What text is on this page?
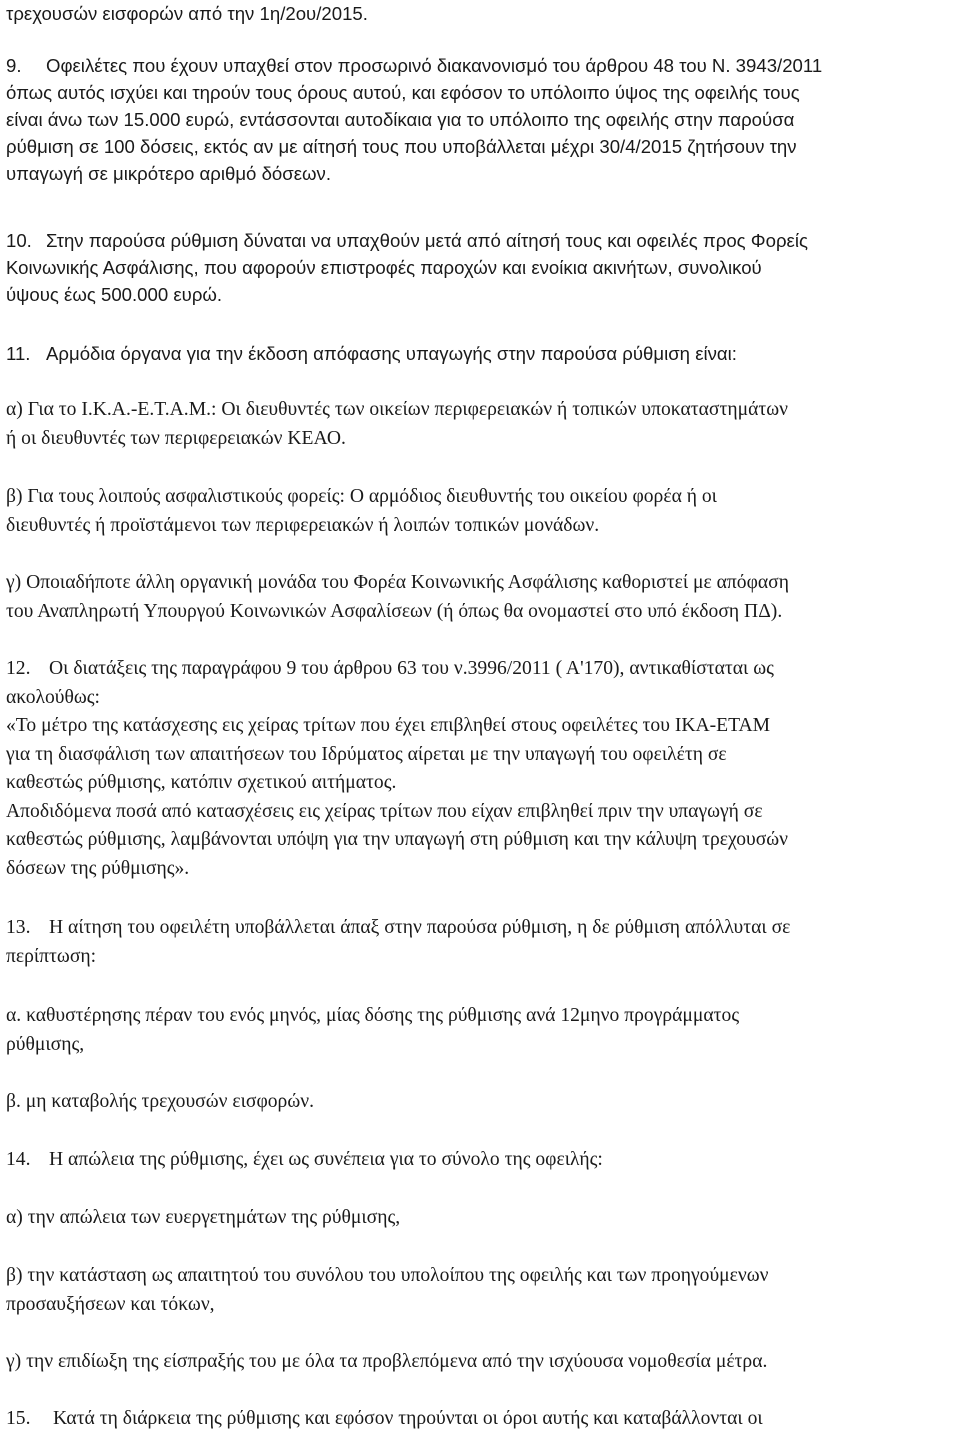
τρεχουσών εισφορών από την 1η/2ου/2015.
9. Οφειλέτες που έχουν υπαχθεί στον προσωρινό διακανονισμό του άρθρου 48 του Ν. 3943/2011
όπως αυτός ισχύει και τηρούν τους όρους αυτού, και εφόσον το υπόλοιπο ύψος της οφειλής τους
είναι άνω των 15.000 ευρώ, εντάσσονται αυτοδίκαια για το υπόλοιπο της οφειλής στην παρούσα
ρύθμιση σε 100 δόσεις, εκτός αν με αίτησή τους που υποβάλλεται μέχρι 30/4/2015 ζητήσουν την
υπαγωγή σε μικρότερο αριθμό δόσεων.
10. Στην παρούσα ρύθμιση δύναται να υπαχθούν μετά από αίτησή τους και οφειλές προς Φορείς
Κοινωνικής Ασφάλισης, που αφορούν επιστροφές παροχών και ενοίκια ακινήτων, συνολικού
ύψους έως 500.000 ευρώ.
11. Αρμόδια όργανα για την έκδοση απόφασης υπαγωγής στην παρούσα ρύθμιση είναι:
α) Για το Ι.Κ.Α.-Ε.Τ.Α.Μ.: Οι διευθυντές των οικείων περιφερειακών ή τοπικών υποκαταστημάτων
ή οι διευθυντές των περιφερειακών ΚΕΑΟ.
β) Για τους λοιπούς ασφαλιστικούς φορείς: Ο αρμόδιος διευθυντής του οικείου φορέα ή οι
διευθυντές ή προϊστάμενοι των περιφερειακών ή λοιπών τοπικών μονάδων.
γ) Οποιαδήποτε άλλη οργανική μονάδα του Φορέα Κοινωνικής Ασφάλισης καθοριστεί με απόφαση
του Αναπληρωτή Υπουργού Κοινωνικών Ασφαλίσεων (ή όπως θα ονομαστεί στο υπό έκδοση ΠΔ).
12. Οι διατάξεις της παραγράφου 9 του άρθρου 63 του ν.3996/2011 ( Α'170), αντικαθίσταται ως
ακολούθως:
«Το μέτρο της κατάσχεσης εις χείρας τρίτων που έχει επιβληθεί στους οφειλέτες του ΙΚΑ-ΕΤΑΜ
για τη διασφάλιση των απαιτήσεων του Ιδρύματος αίρεται με την υπαγωγή του οφειλέτη σε
καθεστώς ρύθμισης, κατόπιν σχετικού αιτήματος.
Αποδιδόμενα ποσά από κατασχέσεις εις χείρας τρίτων που είχαν επιβληθεί πριν την υπαγωγή σε
καθεστώς ρύθμισης, λαμβάνονται υπόψη για την υπαγωγή στη ρύθμιση και την κάλυψη τρεχουσών
δόσεων της ρύθμισης».
13. Η αίτηση του οφειλέτη υποβάλλεται άπαξ στην παρούσα ρύθμιση, η δε ρύθμιση απόλλυται σε
περίπτωση:
α. καθυστέρησης πέραν του ενός μηνός, μίας δόσης της ρύθμισης ανά 12μηνο προγράμματος
ρύθμισης,
β. μη καταβολής τρεχουσών εισφορών.
14. Η απώλεια της ρύθμισης, έχει ως συνέπεια για το σύνολο της οφειλής:
α) την απώλεια των ευεργετημάτων της ρύθμισης,
β) την κατάσταση ως απαιτητού του συνόλου του υπολοίπου της οφειλής και των προηγούμενων
προσαυξήσεων και τόκων,
γ) την επιδίωξη της είσπραξής του με όλα τα προβλεπόμενα από την ισχύουσα νομοθεσία μέτρα.
15. Κατά τη διάρκεια της ρύθμισης και εφόσον τηρούνται οι όροι αυτής και καταβάλλονται οι
